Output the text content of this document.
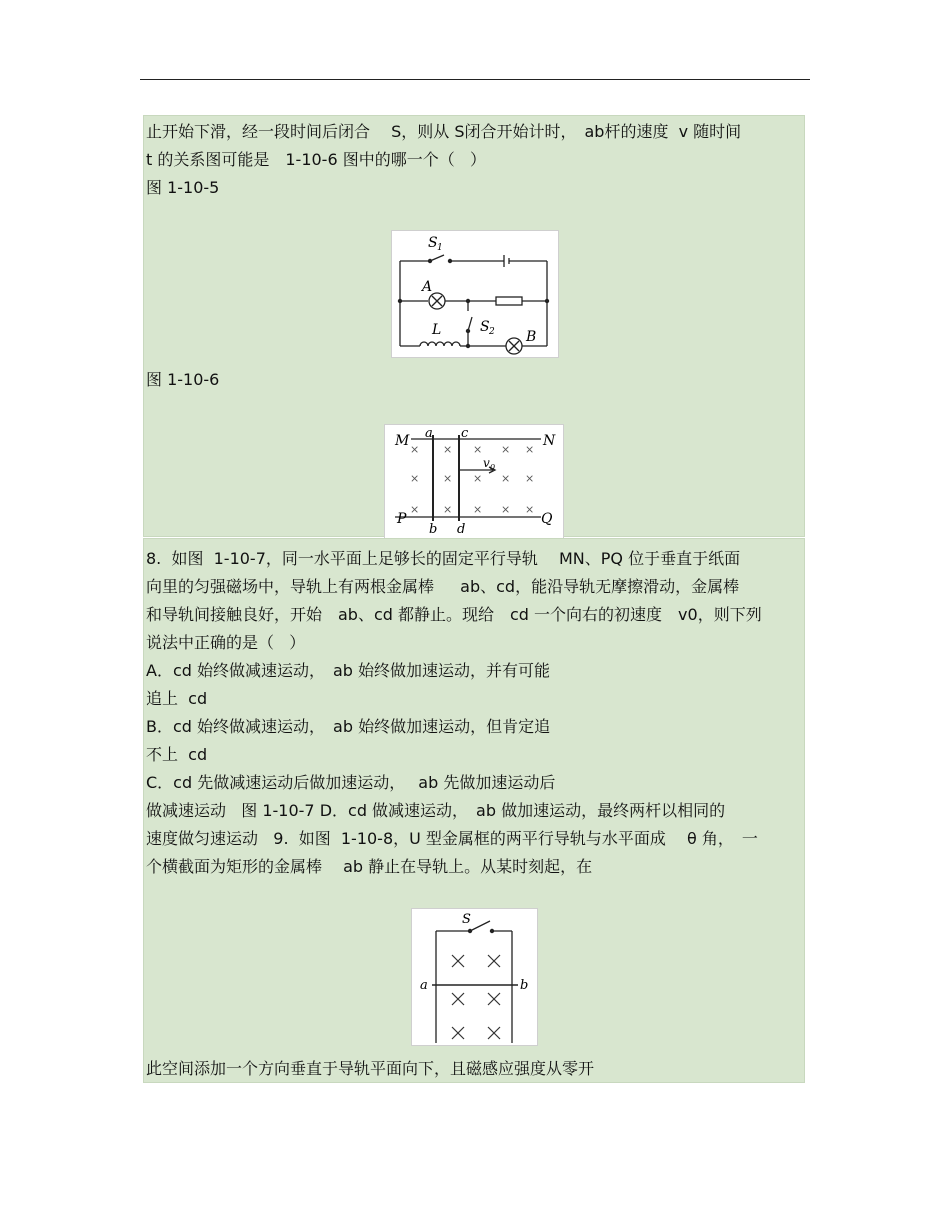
止开始下滑，经一段时间后闭合　 S，则从 S闭合开始计时，　ab杆的速度  v 随时间
t 的关系图可能是　1-10-6 图中的哪一个（   ）
图 1-10-5
S 1
A
L	S 2 B
图 1-10-6
× × × × ×
× × × × ×
× × × × ×
M a c	N
v 0
P
b d
Q
8.  如图  1-10-7，同一水平面上足够长的固定平行导轨　 MN、PQ 位于垂直于纸面
向里的匀强磁场中，导轨上有两根金属棒　  ab、cd，能沿导轨无摩擦滑动，金属棒
和导轨间接触良好，开始　ab、cd 都静止。现给　cd 一个向右的初速度　v0，则下列
说法中正确的是（   ）
A．cd 始终做减速运动，　ab 始终做加速运动，并有可能
追上  cd
B．cd 始终做减速运动，　ab 始终做加速运动，但肯定追
不上  cd
C．cd 先做减速运动后做加速运动，　 ab 先做加速运动后
做减速运动   图 1-10-7 D．cd 做减速运动，　ab 做加速运动，最终两杆以相同的
速度做匀速运动   9.  如图  1-10-8，U 型金属框的两平行导轨与水平面成　 θ 角，　一
个横截面为矩形的金属棒　 ab 静止在导轨上。从某时刻起，在
S
a	b
此空间添加一个方向垂直于导轨平面向下，且磁感应强度从零开
